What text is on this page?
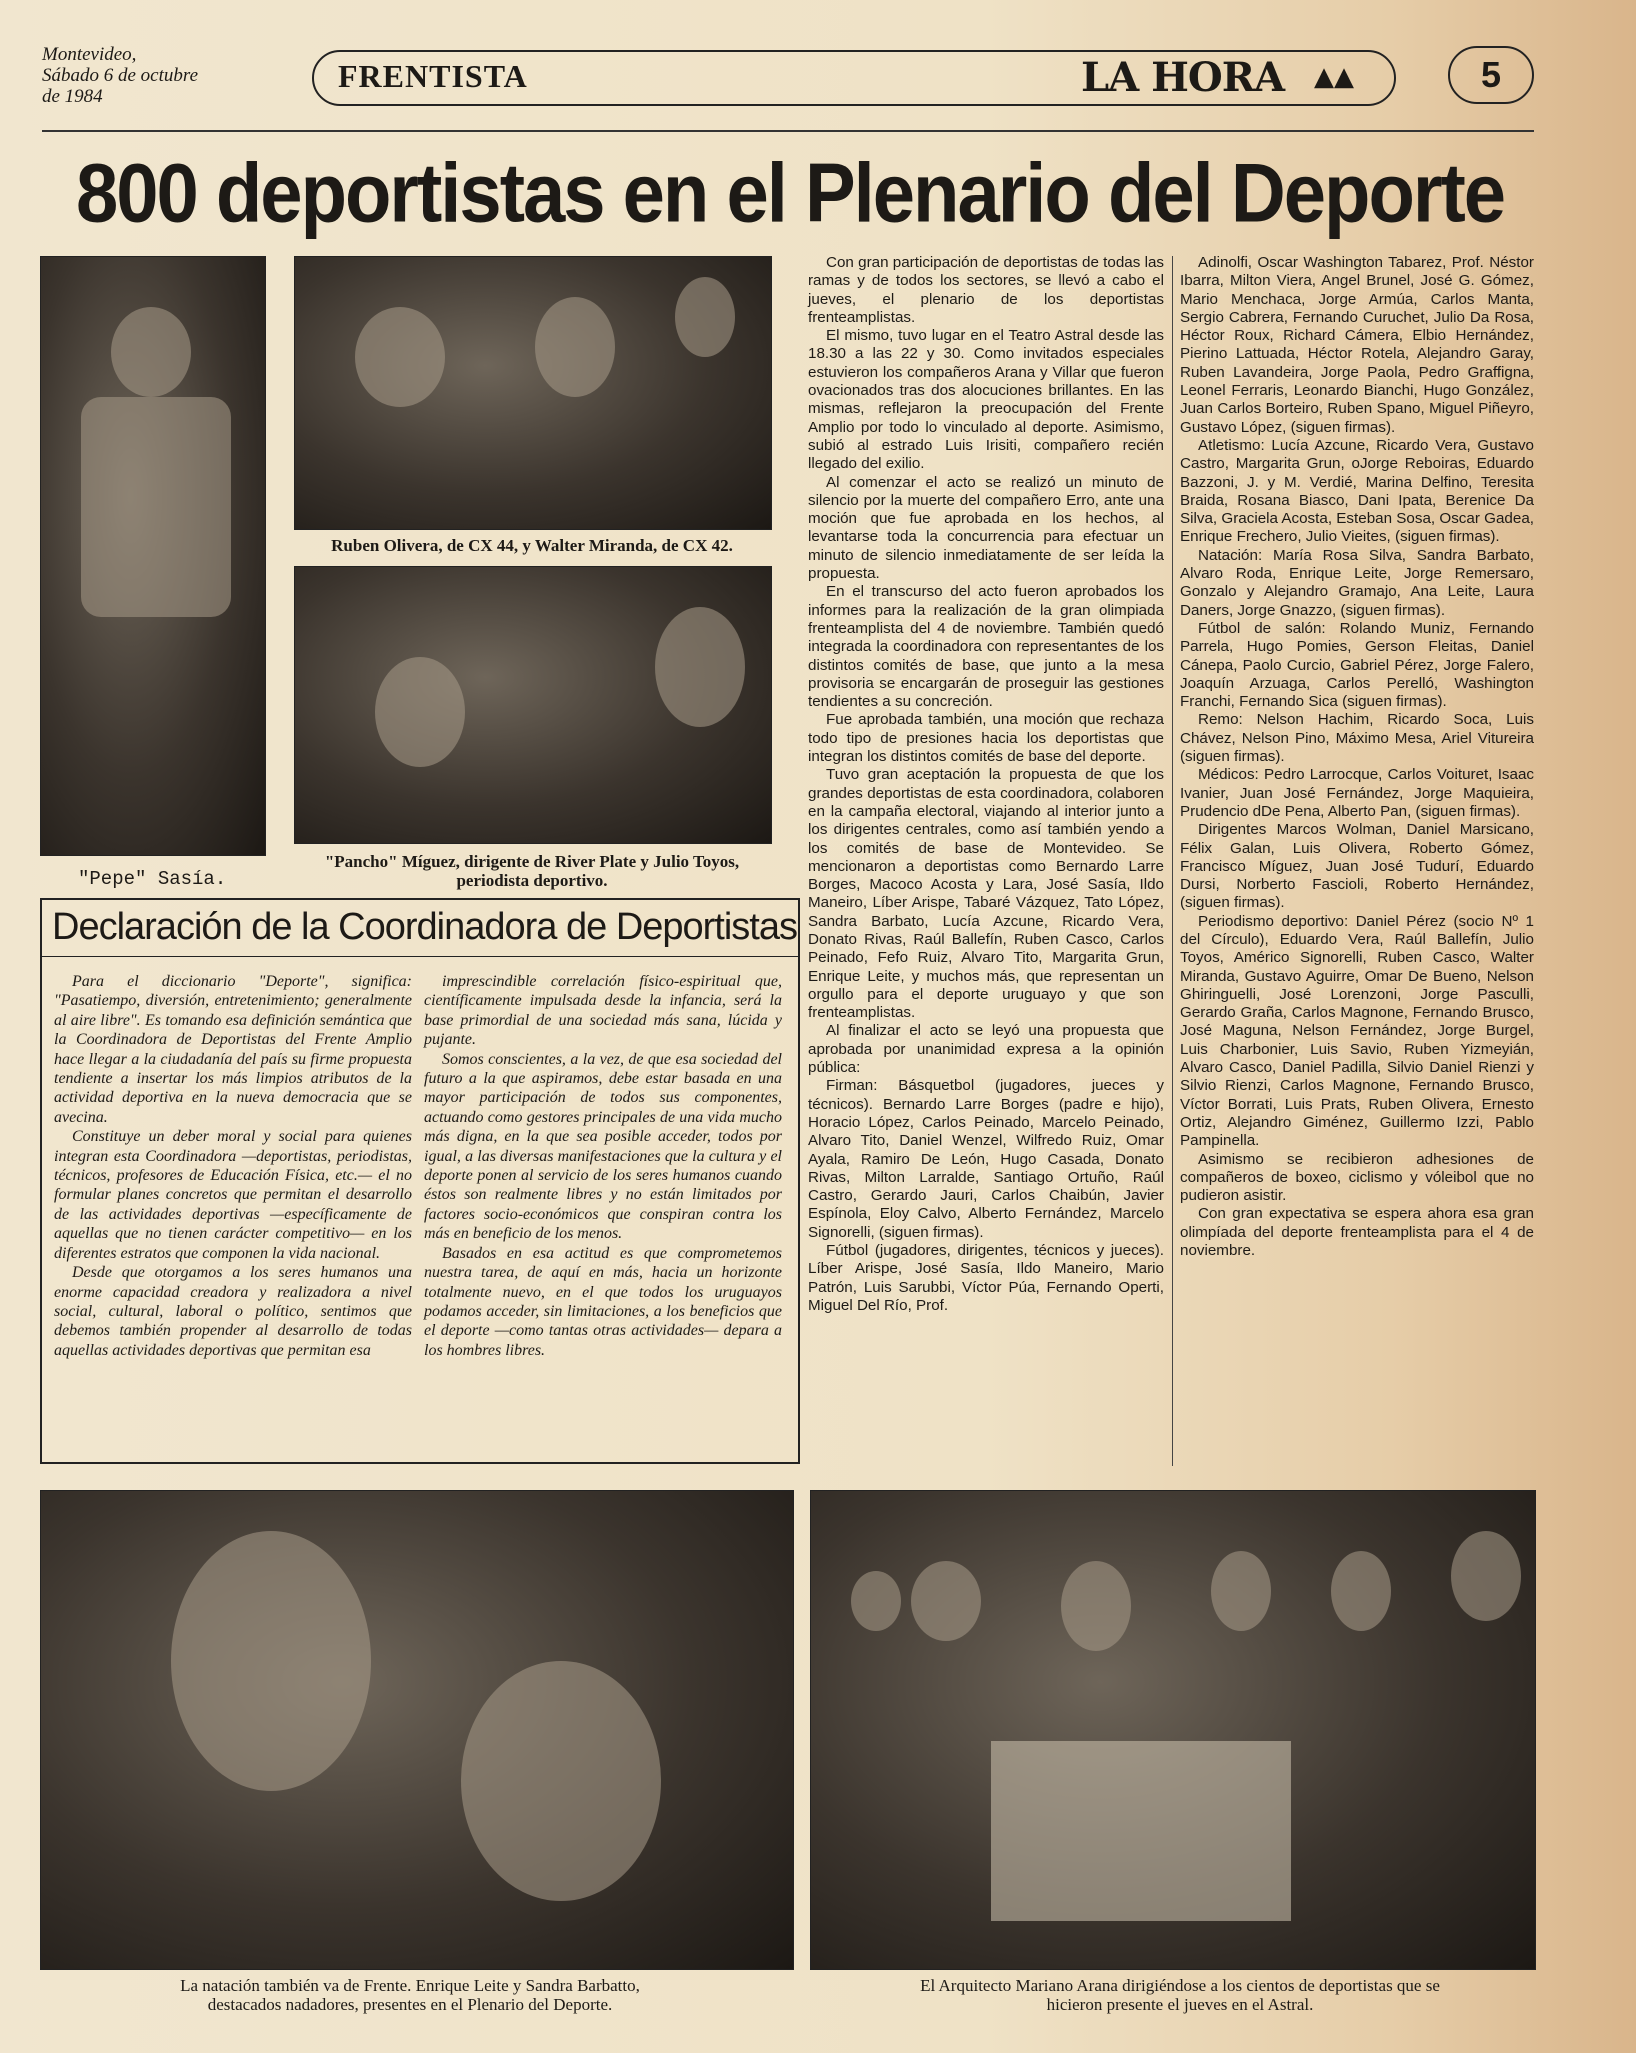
Montevideo,
Sábado 6 de octubre
de 1984
FRENTISTA	LA HORA ▲▲	5
800 deportistas en el Plenario del Deporte
"Pepe" Sasía.
Ruben Olivera, de CX 44, y Walter Miranda, de CX 42.
"Pancho" Míguez, dirigente de River Plate y Julio Toyos, periodista deportivo.
Declaración de la Coordinadora de Deportistas

Para el diccionario "Deporte", significa: "Pasatiempo, diversión, entretenimiento; generalmente al aire libre". Es tomando esa definición semántica que la Coordinadora de Deportistas del Frente Amplio hace llegar a la ciudadanía del país su firme propuesta tendiente a insertar los más limpios atributos de la actividad deportiva en la nueva democracia que se avecina.

Constituye un deber moral y social para quienes integran esta Coordinadora —deportistas, periodistas, técnicos, profesores de Educación Física, etc.— el no formular planes concretos que permitan el desarrollo de las actividades deportivas —específicamente de aquellas que no tienen carácter competitivo— en los diferentes estratos que componen la vida nacional.

Desde que otorgamos a los seres humanos una enorme capacidad creadora y realizadora a nivel social, cultural, laboral o político, sentimos que debemos también propender al desarrollo de todas aquellas actividades deportivas que permitan esa

imprescindible correlación físico-espiritual que, científicamente impulsada desde la infancia, será la base primordial de una sociedad más sana, lúcida y pujante.

Somos conscientes, a la vez, de que esa sociedad del futuro a la que aspiramos, debe estar basada en una mayor participación de todos sus componentes, actuando como gestores principales de una vida mucho más digna, en la que sea posible acceder, todos por igual, a las diversas manifestaciones que la cultura y el deporte ponen al servicio de los seres humanos cuando éstos son realmente libres y no están limitados por factores socio-económicos que conspiran contra los más en beneficio de los menos.

Basados en esa actitud es que comprometemos nuestra tarea, de aquí en más, hacia un horizonte totalmente nuevo, en el que todos los uruguayos podamos acceder, sin limitaciones, a los beneficios que el deporte —como tantas otras actividades— depara a los hombres libres.

Con gran participación de deportistas de todas las ramas y de todos los sectores, se llevó a cabo el jueves, el plenario de los deportistas frenteamplistas.

El mismo, tuvo lugar en el Teatro Astral desde las 18.30 a las 22 y 30. Como invitados especiales estuvieron los compañeros Arana y Villar que fueron ovacionados tras dos alocuciones brillantes. En las mismas, reflejaron la preocupación del Frente Amplio por todo lo vinculado al deporte. Asimismo, subió al estrado Luis Irisiti, compañero recién llegado del exilio.

Al comenzar el acto se realizó un minuto de silencio por la muerte del compañero Erro, ante una moción que fue aprobada en los hechos, al levantarse toda la concurrencia para efectuar un minuto de silencio inmediatamente de ser leída la propuesta.

En el transcurso del acto fueron aprobados los informes para la realización de la gran olimpiada frenteamplista del 4 de noviembre. También quedó integrada la coordinadora con representantes de los distintos comités de base, que junto a la mesa provisoria se encargarán de proseguir las gestiones tendientes a su concreción.

Fue aprobada también, una moción que rechaza todo tipo de presiones hacia los deportistas que integran los distintos comités de base del deporte.

Tuvo gran aceptación la propuesta de que los grandes deportistas de esta coordinadora, colaboren en la campaña electoral, viajando al interior junto a los dirigentes centrales, como así también yendo a los comités de base de Montevideo. Se mencionaron a deportistas como Bernardo Larre Borges, Macoco Acosta y Lara, José Sasía, Ildo Maneiro, Líber Arispe, Tabaré Vázquez, Tato López, Sandra Barbato, Lucía Azcune, Ricardo Vera, Donato Rivas, Raúl Ballefín, Ruben Casco, Carlos Peinado, Fefo Ruiz, Alvaro Tito, Margarita Grun, Enrique Leite, y muchos más, que representan un orgullo para el deporte uruguayo y que son frenteamplistas.

Al finalizar el acto se leyó una propuesta que aprobada por unanimidad expresa a la opinión pública:

Firman: Básquetbol (jugadores, jueces y técnicos). Bernardo Larre Borges (padre e hijo), Horacio López, Carlos Peinado, Marcelo Peinado, Alvaro Tito, Daniel Wenzel, Wilfredo Ruiz, Omar Ayala, Ramiro De León, Hugo Casada, Donato Rivas, Milton Larralde, Santiago Ortuño, Raúl Castro, Gerardo Jauri, Carlos Chaibún, Javier Espínola, Eloy Calvo, Alberto Fernández, Marcelo Signorelli, (siguen firmas).

Fútbol (jugadores, dirigentes, técnicos y jueces). Líber Arispe, José Sasía, Ildo Maneiro, Mario Patrón, Luis Sarubbi, Víctor Púa, Fernando Operti, Miguel Del Río, Prof.

Adinolfi, Oscar Washington Tabarez, Prof. Néstor Ibarra, Milton Viera, Angel Brunel, José G. Gómez, Mario Menchaca, Jorge Armúa, Carlos Manta, Sergio Cabrera, Fernando Curuchet, Julio Da Rosa, Héctor Roux, Richard Cámera, Elbio Hernández, Pierino Lattuada, Héctor Rotela, Alejandro Garay, Ruben Lavandeira, Jorge Paola, Pedro Graffigna, Leonel Ferraris, Leonardo Bianchi, Hugo González, Juan Carlos Borteiro, Ruben Spano, Miguel Piñeyro, Gustavo López, (siguen firmas).

Atletismo: Lucía Azcune, Ricardo Vera, Gustavo Castro, Margarita Grun, oJorge Reboiras, Eduardo Bazzoni, J. y M. Verdié, Marina Delfino, Teresita Braida, Rosana Biasco, Dani Ipata, Berenice Da Silva, Graciela Acosta, Esteban Sosa, Oscar Gadea, Enrique Frechero, Julio Vieites, (siguen firmas).

Natación: María Rosa Silva, Sandra Barbato, Alvaro Roda, Enrique Leite, Jorge Remersaro, Gonzalo y Alejandro Gramajo, Ana Leite, Laura Daners, Jorge Gnazzo, (siguen firmas).

Fútbol de salón: Rolando Muniz, Fernando Parrela, Hugo Pomies, Gerson Fleitas, Daniel Cánepa, Paolo Curcio, Gabriel Pérez, Jorge Falero, Joaquín Arzuaga, Carlos Perelló, Washington Franchi, Fernando Sica (siguen firmas).

Remo: Nelson Hachim, Ricardo Soca, Luis Chávez, Nelson Pino, Máximo Mesa, Ariel Vitureira (siguen firmas).

Médicos: Pedro Larrocque, Carlos Voituret, Isaac Ivanier, Juan José Fernández, Jorge Maquieira, Prudencio dDe Pena, Alberto Pan, (siguen firmas).

Dirigentes Marcos Wolman, Daniel Marsicano, Félix Galan, Luis Olivera, Roberto Gómez, Francisco Míguez, Juan José Tudurí, Eduardo Dursi, Norberto Fascioli, Roberto Hernández, (siguen firmas).

Periodismo deportivo: Daniel Pérez (socio Nº 1 del Círculo), Eduardo Vera, Raúl Ballefín, Julio Toyos, Américo Signorelli, Ruben Casco, Walter Miranda, Gustavo Aguirre, Omar De Bueno, Nelson Ghiringuelli, José Lorenzoni, Jorge Pasculli, Gerardo Graña, Carlos Magnone, Fernando Brusco, José Maguna, Nelson Fernández, Jorge Burgel, Luis Charbonier, Luis Savio, Ruben Yizmeyián, Alvaro Casco, Daniel Padilla, Silvio Daniel Rienzi y Silvio Rienzi, Carlos Magnone, Fernando Brusco, Víctor Borrati, Luis Prats, Ruben Olivera, Ernesto Ortiz, Alejandro Giménez, Guillermo Izzi, Pablo Pampinella.

Asimismo se recibieron adhesiones de compañeros de boxeo, ciclismo y vóleibol que no pudieron asistir.

Con gran expectativa se espera ahora esa gran olimpíada del deporte frenteamplista para el 4 de noviembre.

La natación también va de Frente. Enrique Leite y Sandra Barbatto, destacados nadadores, presentes en el Plenario del Deporte.
El Arquitecto Mariano Arana dirigiéndose a los cientos de deportistas que se hicieron presente el jueves en el Astral.
